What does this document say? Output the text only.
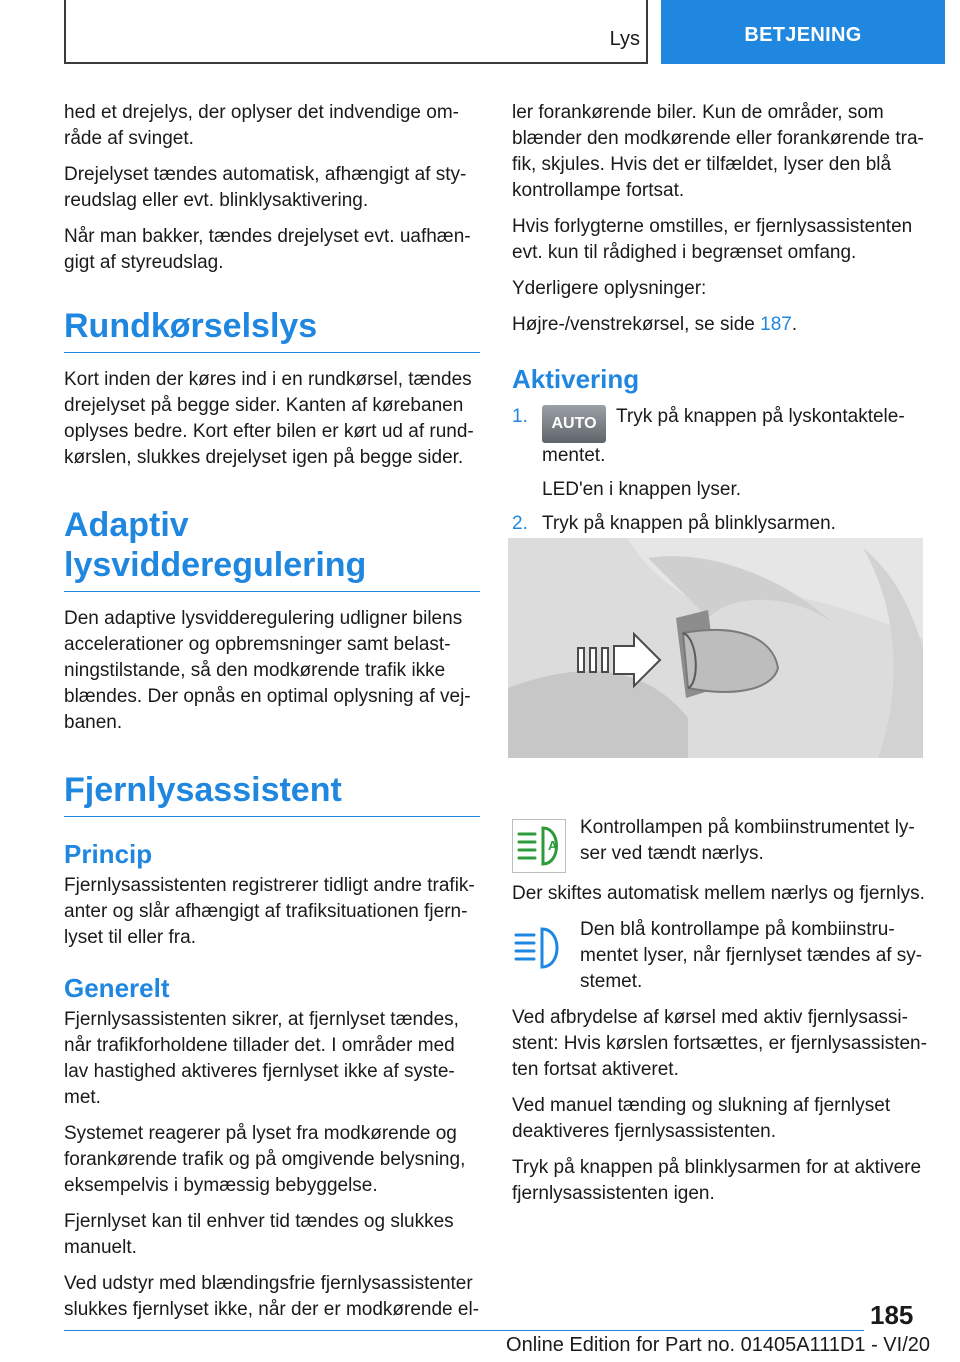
Lys	BETJENING

hed et drejelys, der oplyser det indvendige om-råde af svinget.

Drejelyset tændes automatisk, afhængigt af sty-reudslag eller evt. blinklysaktivering.

Når man bakker, tændes drejelyset evt. uafhæn-gigt af styreudslag.

Rundkørselslys

Kort inden der køres ind i en rundkørsel, tændes drejelyset på begge sider. Kanten af kørebanen oplyses bedre. Kort efter bilen er kørt ud af rund-kørslen, slukkes drejelyset igen på begge sider.

Adaptiv lysvidderegulering

Den adaptive lysvidderegulering udligner bilens accelerationer og opbremsninger samt belast-ningstilstande, så den modkørende trafik ikke blændes. Der opnås en optimal oplysning af vej-banen.

Fjernlysassistent
Princip

Fjernlysassistenten registrerer tidligt andre trafik-anter og slår afhængigt af trafiksituationen fjern-lyset til eller fra.

Generelt

Fjernlysassistenten sikrer, at fjernlyset tændes, når trafikforholdene tillader det. I områder med lav hastighed aktiveres fjernlyset ikke af syste-met.

Systemet reagerer på lyset fra modkørende og forankørende trafik og på omgivende belysning, eksempelvis i bymæssig bebyggelse.

Fjernlyset kan til enhver tid tændes og slukkes manuelt.

Ved udstyr med blændingsfrie fjernlysassistenter slukkes fjernlyset ikke, når der er modkørende el-

ler forankørende biler. Kun de områder, som blænder den modkørende eller forankørende tra-fik, skjules. Hvis det er tilfældet, lyser den blå kontrollampe fortsat.

Hvis forlygterne omstilles, er fjernlysassistenten evt. kun til rådighed i begrænset omfang.

Yderligere oplysninger:

Højre-/venstrekørsel, se side 187.

Aktivering
1. AUTO Tryk på knappen på lyskontaktele-mentet.
LED'en i knappen lyser.
2. Tryk på knappen på blinklysarmen.
A

Kontrollampen på kombiinstrumentet ly-ser ved tændt nærlys.

Der skiftes automatisk mellem nærlys og fjernlys.

Den blå kontrollampe på kombiinstru-mentet lyser, når fjernlyset tændes af sy-stemet.

Ved afbrydelse af kørsel med aktiv fjernlysassi-stent: Hvis kørslen fortsættes, er fjernlysassisten-ten fortsat aktiveret.

Ved manuel tænding og slukning af fjernlyset deaktiveres fjernlysassistenten.

Tryk på knappen på blinklysarmen for at aktivere fjernlysassistenten igen.

185
Online Edition for Part no. 01405A111D1 - VI/20
